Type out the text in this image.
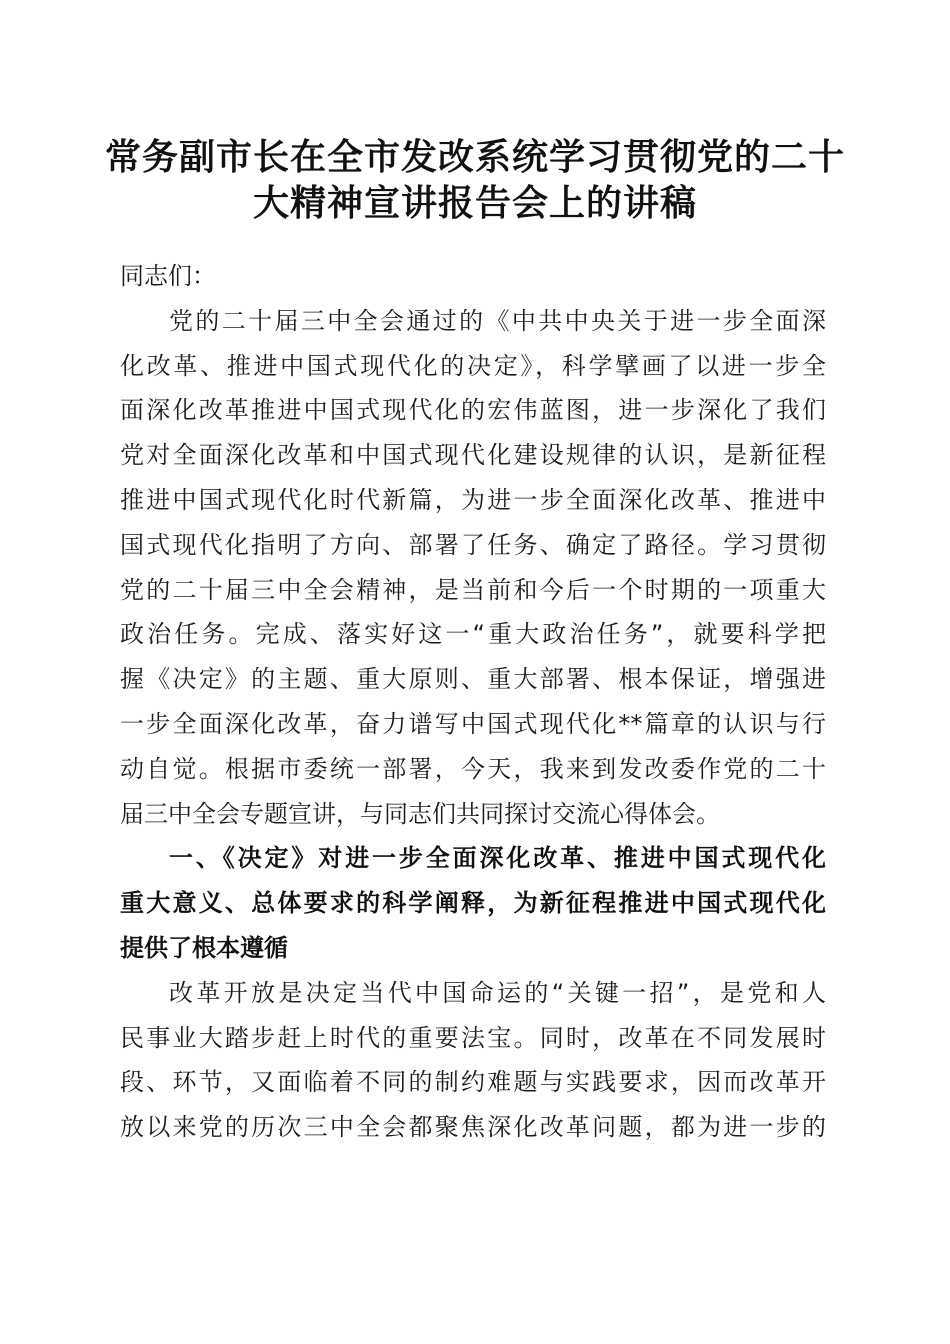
常务副市长在全市发改系统学习贯彻党的二十
大精神宣讲报告会上的讲稿
同志们：
党的二十届三中全会通过的《中共中央关于进一步全面深
化改革、推进中国式现代化的决定》，科学擘画了以进一步全
面深化改革推进中国式现代化的宏伟蓝图，进一步深化了我们
党对全面深化改革和中国式现代化建设规律的认识，是新征程
推进中国式现代化时代新篇，为进一步全面深化改革、推进中
国式现代化指明了方向、部署了任务、确定了路径。学习贯彻
党的二十届三中全会精神，是当前和今后一个时期的一项重大
政治任务。完成、落实好这一“重大政治任务”，就要科学把
握《决定》的主题、重大原则、重大部署、根本保证，增强进
一步全面深化改革，奋力谱写中国式现代化**篇章的认识与行
动自觉。根据市委统一部署，今天，我来到发改委作党的二十
届三中全会专题宣讲，与同志们共同探讨交流心得体会。
一、《决定》对进一步全面深化改革、推进中国式现代化
重大意义、总体要求的科学阐释，为新征程推进中国式现代化
提供了根本遵循
改革开放是决定当代中国命运的“关键一招”，是党和人
民事业大踏步赶上时代的重要法宝。同时，改革在不同发展时
段、环节，又面临着不同的制约难题与实践要求，因而改革开
放以来党的历次三中全会都聚焦深化改革问题，都为进一步的
